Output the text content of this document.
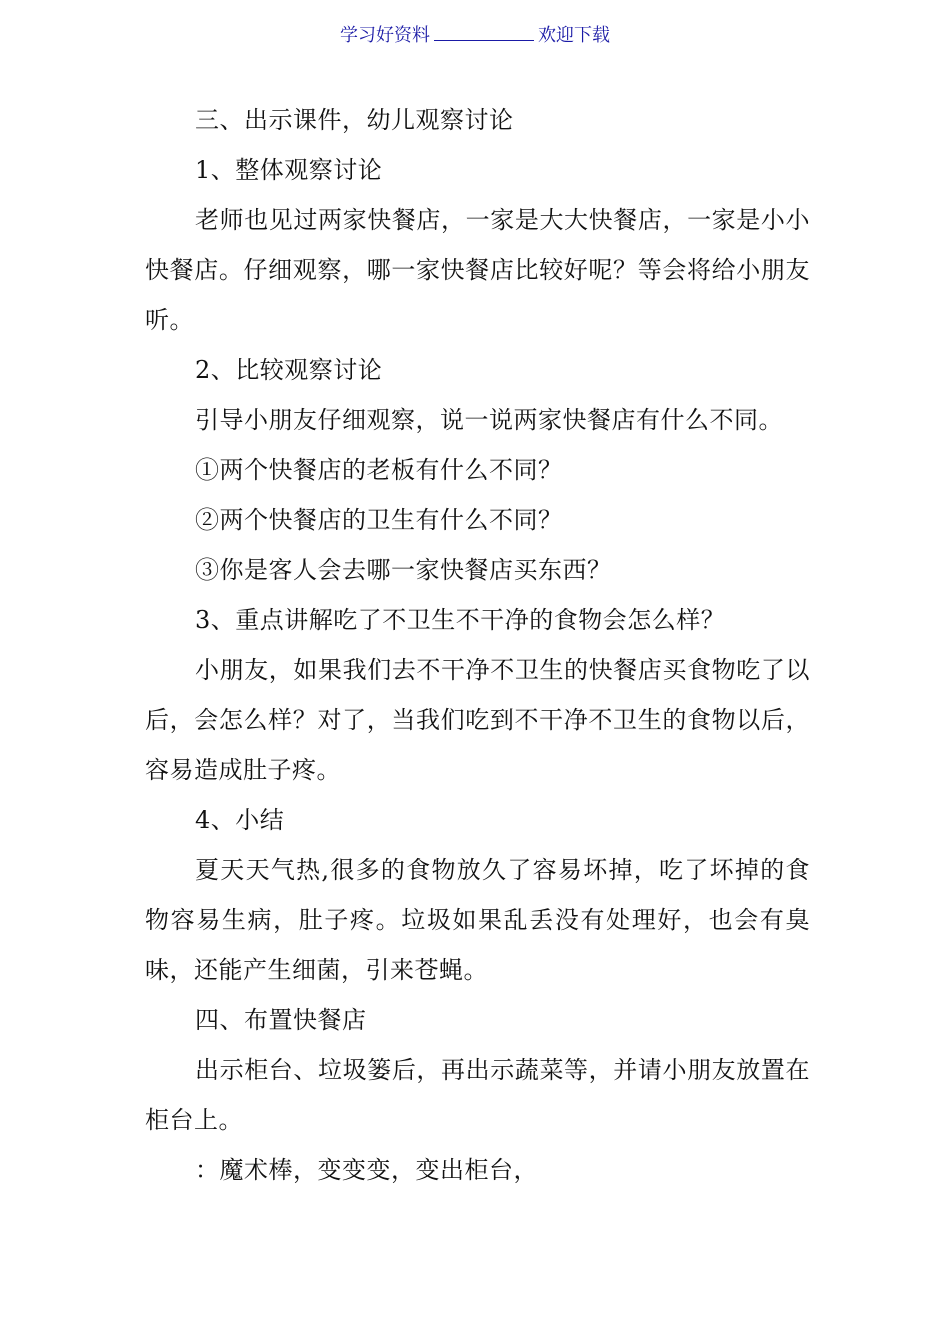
学习好资料	欢迎下载

三、出示课件，幼儿观察讨论

1、整体观察讨论

老师也见过两家快餐店，一家是大大快餐店，一家是小小快餐店。仔细观察，哪一家快餐店比较好呢？等会将给小朋友听。

2、比较观察讨论

引导小朋友仔细观察，说一说两家快餐店有什么不同。

①两个快餐店的老板有什么不同？

②两个快餐店的卫生有什么不同？

③你是客人会去哪一家快餐店买东西？

3、重点讲解吃了不卫生不干净的食物会怎么样？

小朋友，如果我们去不干净不卫生的快餐店买食物吃了以后，会怎么样？对了，当我们吃到不干净不卫生的食物以后，容易造成肚子疼。

4、小结

夏天天气热,很多的食物放久了容易坏掉，吃了坏掉的食物容易生病，肚子疼。垃圾如果乱丢没有处理好，也会有臭味，还能产生细菌，引来苍蝇。

四、布置快餐店

出示柜台、垃圾篓后，再出示蔬菜等，并请小朋友放置在柜台上。

：魔术棒，变变变，变出柜台，
